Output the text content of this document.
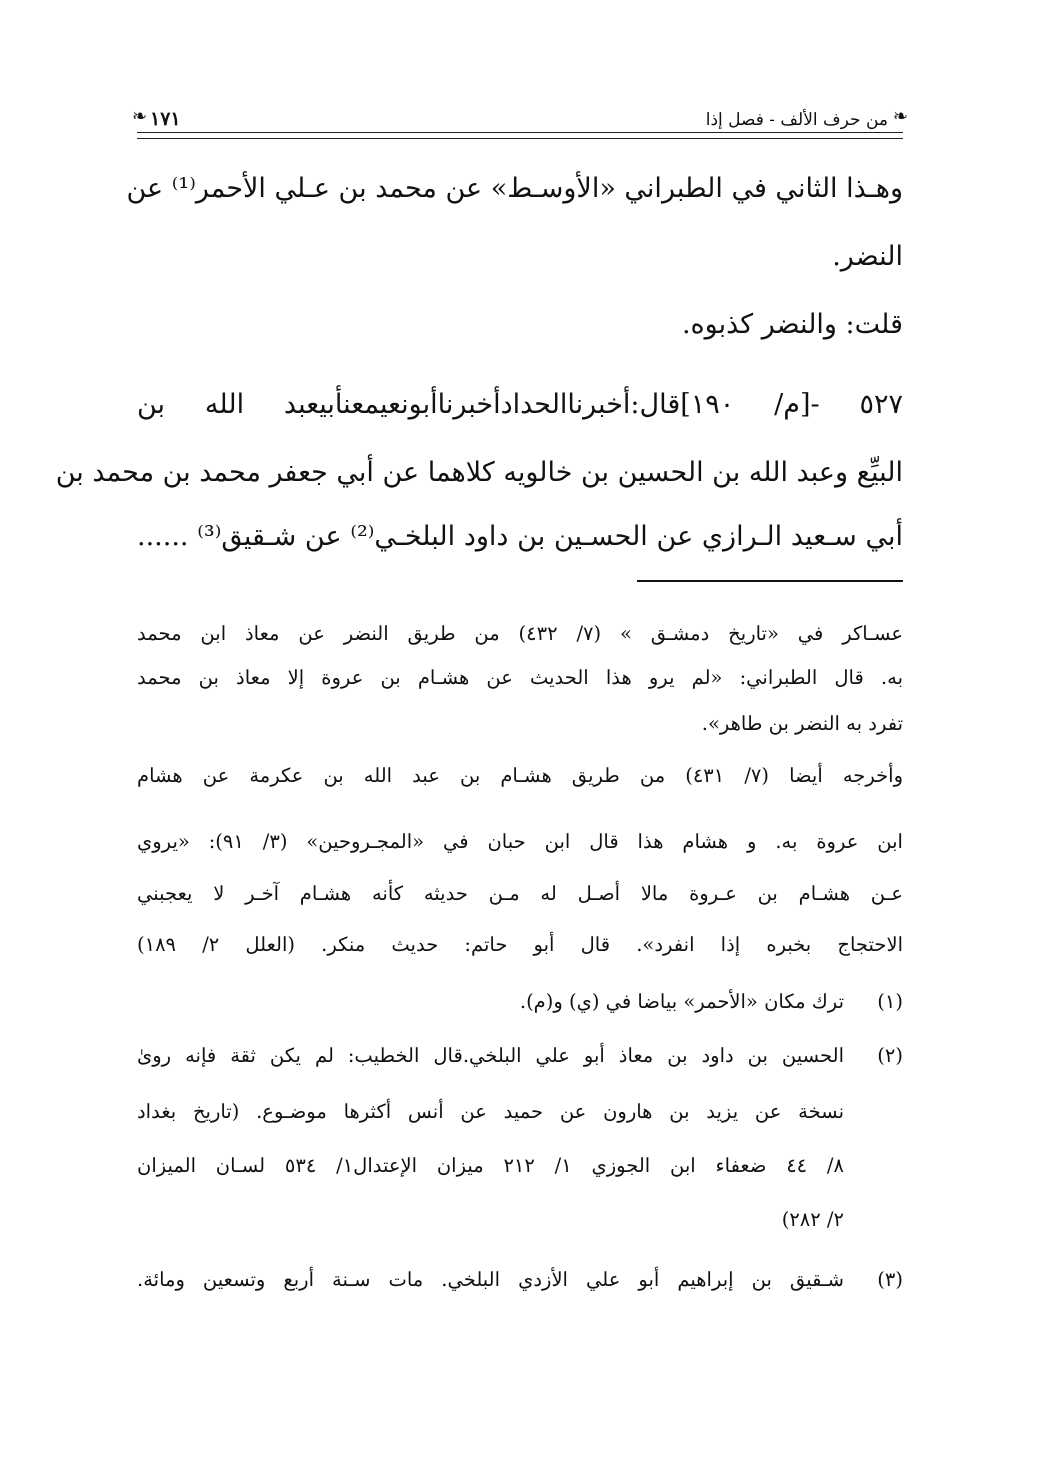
❧
من حرف الألف - فصل إذا
١٧١
❧
وهـذا الثاني في الطبراني «الأوسـط» عن محمد بن عـلي الأحمر⁽¹⁾ عن
النضر.
قلت: والنضر كذبوه.
٥٢٧ -[م/ ١٩٠]قال:أخبرناالحدادأخبرناأبونعيمعنأبيعبد الله بن
البيِّع وعبد الله بن الحسين بن خالويه كلاهما عن أبي جعفر محمد بن محمد بن
أبي سـعيد الـرازي عن الحسـين بن داود البلخـي⁽²⁾ عن شـقيق⁽³⁾ ......
عسـاكر في «تاريخ دمشـق » (٧/ ٤٣٢) من طريق النضر عن معاذ ابن محمد
به. قال الطبراني: «لم يرو هذا الحديث عن هشـام بن عروة إلا معاذ بن محمد
تفرد به النضر بن طاهر».
وأخرجه أيضا (٧/ ٤٣١) من طريق هشـام بن عبد الله بن عكرمة عن هشام
ابن عروة به. و هشام هذا قال ابن حبان في «المجـروحين» (٣/ ٩١): «يروي
عـن هشـام بن عـروة مالا أصـل له مـن حديثه كأنه هشـام آخـر لا يعجبني
الاحتجاج بخبره إذا انفرد». قال أبو حاتم: حديث منكر. (العلل ٢/ ١٨٩)
(١)
ترك مكان «الأحمر» بياضا في (ي) و(م).
(٢)
الحسين بن داود بن معاذ أبو علي البلخي.قال الخطيب: لم يكن ثقة فإنه روىٰ
نسخة عن يزيد بن هارون عن حميد عن أنس أكثرها موضـوع. (تاريخ بغداد
٨/ ٤٤ ضعفاء ابن الجوزي ١/ ٢١٢ ميزان الإعتدال١/ ٥٣٤ لسـان الميزان
٢/ ٢٨٢)
(٣)
شـقيق بن إبراهيم أبو علي الأزدي البلخي. مات سـنة أربع وتسعين ومائة.
